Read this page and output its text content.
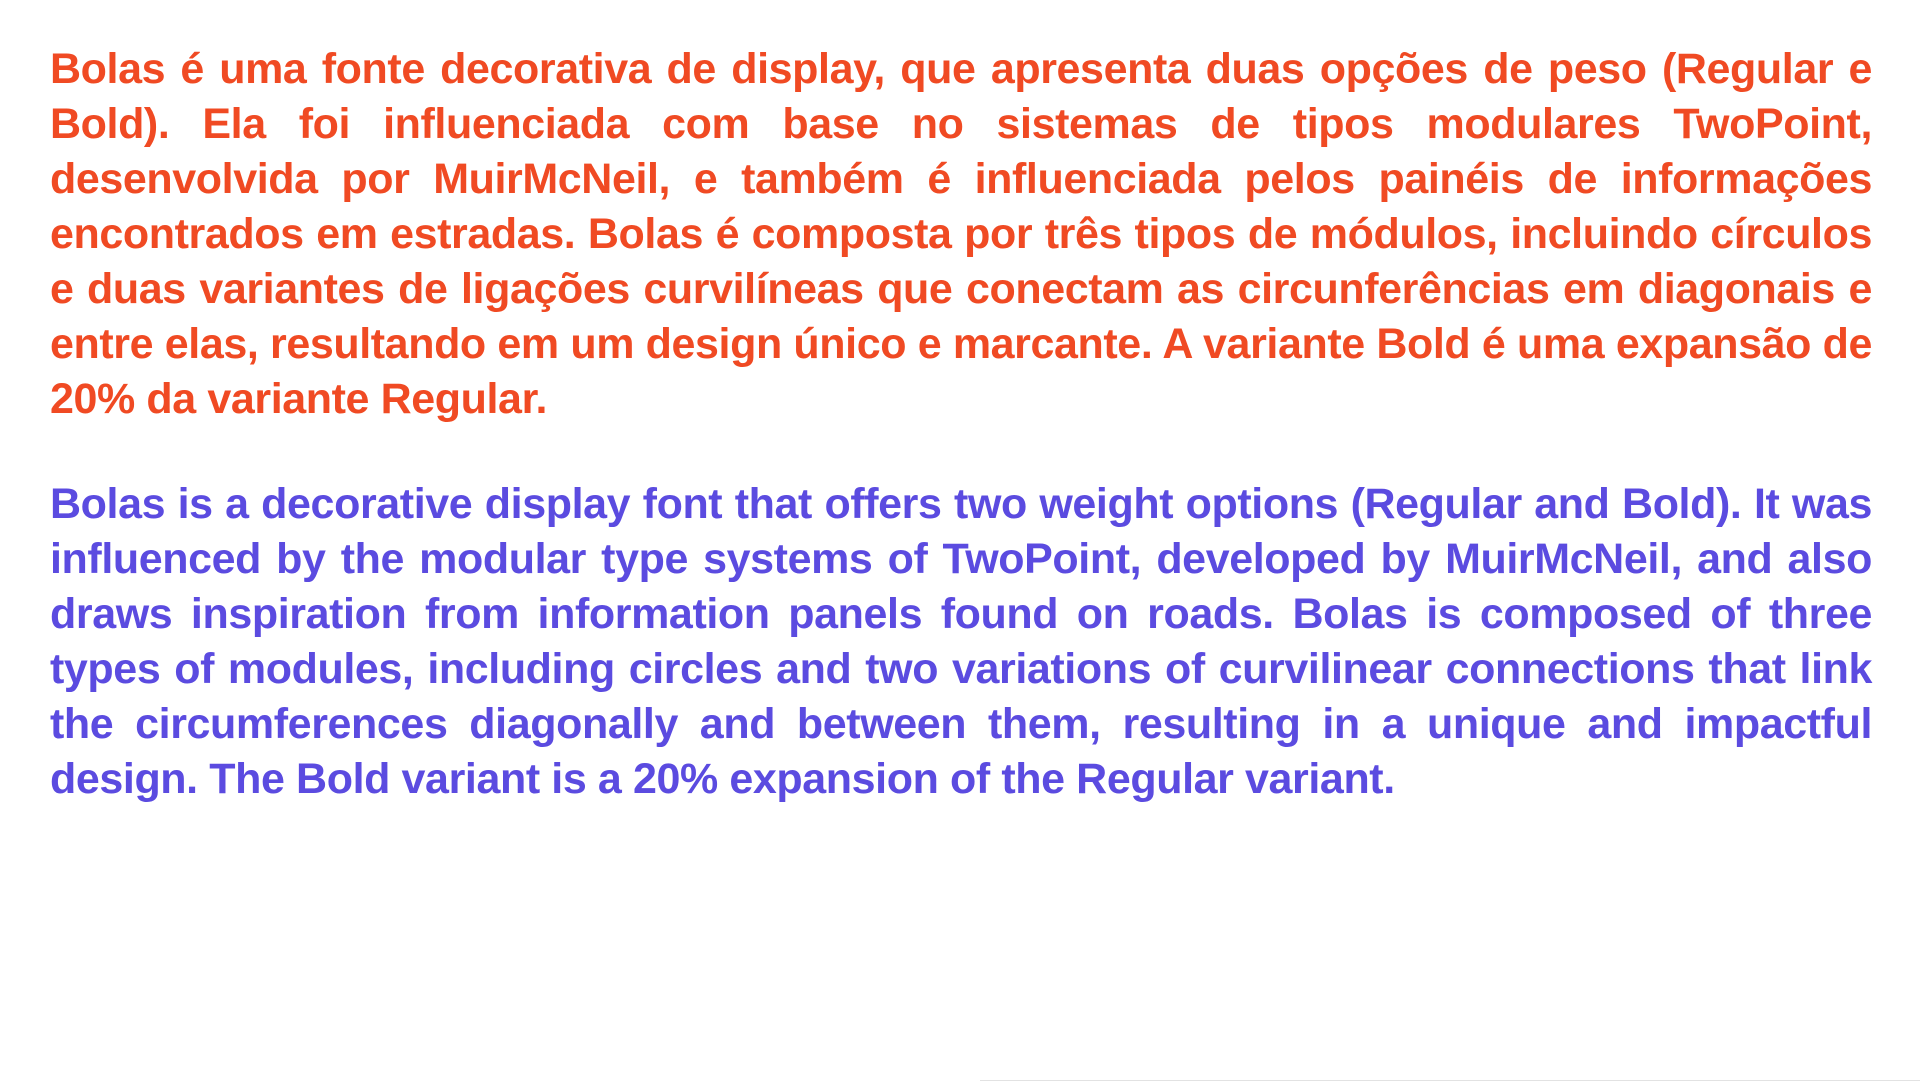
Bolas é uma fonte decorativa de display, que apresenta duas opções de peso (Regular e Bold). Ela foi influenciada com base no sistemas de tipos modulares TwoPoint, desenvolvida por MuirMcNeil, e também é influenciada pelos painéis de informações encontrados em estradas. Bolas é composta por três tipos de módulos, incluindo círculos e duas variantes de ligações curvilíneas que conectam as circunferências em diagonais e entre elas, resultando em um design único e marcante. A variante Bold é uma expansão de 20% da variante Regular.

Bolas is a decorative display font that offers two weight options (Regular and Bold). It was influenced by the modular type systems of TwoPoint, developed by MuirMcNeil, and also draws inspiration from information panels found on roads. Bolas is composed of three types of modules, including circles and two variations of curvilinear connections that link the circumferences diagonally and between them, resulting in a unique and impactful design. The Bold variant is a 20% expansion of the Regular variant.
